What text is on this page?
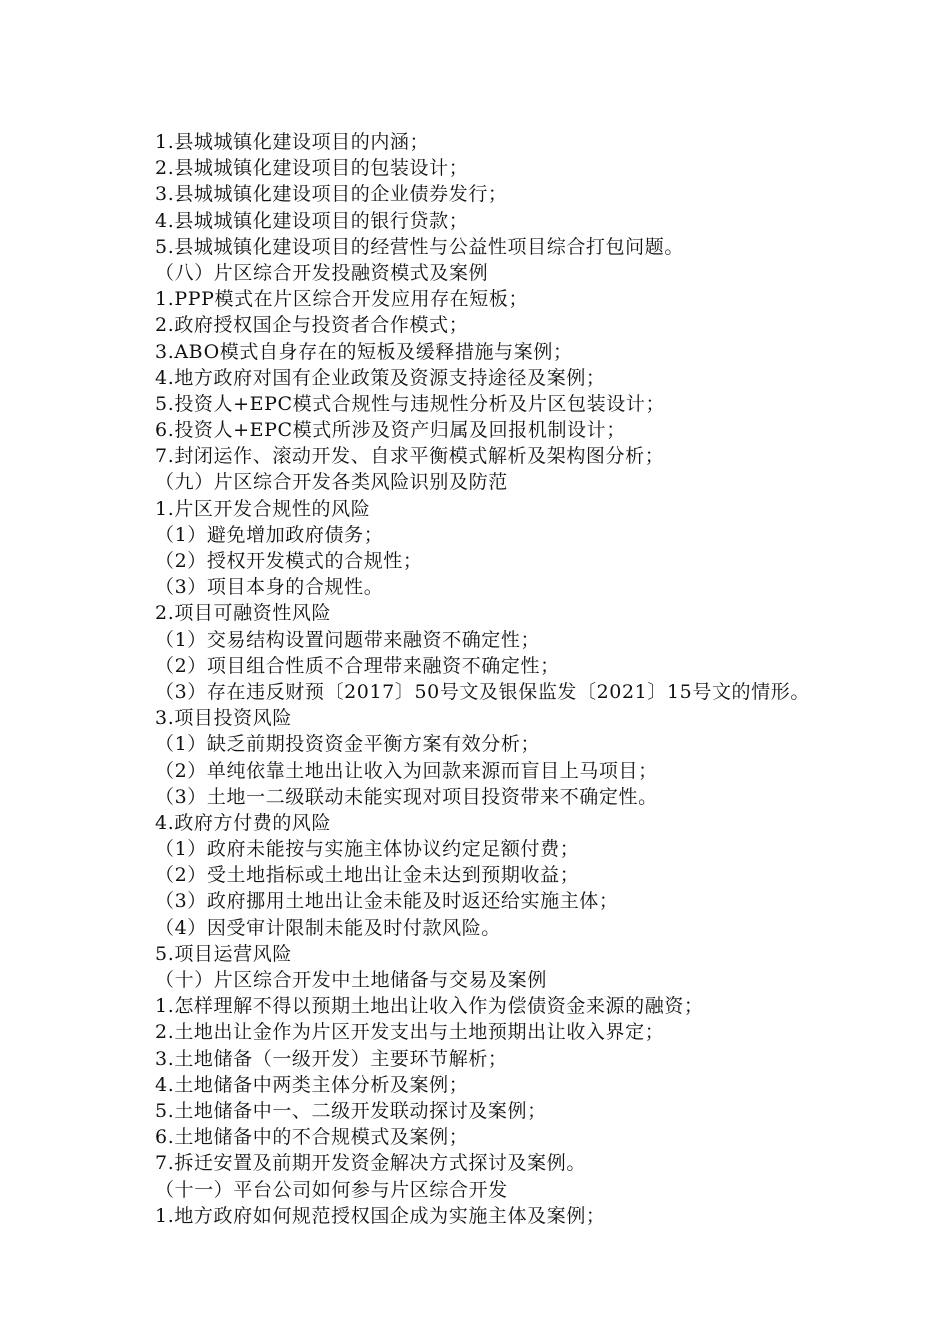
1.县城城镇化建设项目的内涵；
2.县城城镇化建设项目的包装设计；
3.县城城镇化建设项目的企业债券发行；
4.县城城镇化建设项目的银行贷款；
5.县城城镇化建设项目的经营性与公益性项目综合打包问题。
（八）片区综合开发投融资模式及案例
1.PPP模式在片区综合开发应用存在短板；
2.政府授权国企与投资者合作模式；
3.ABO模式自身存在的短板及缓释措施与案例；
4.地方政府对国有企业政策及资源支持途径及案例；
5.投资人+EPC模式合规性与违规性分析及片区包装设计；
6.投资人+EPC模式所涉及资产归属及回报机制设计；
7.封闭运作、滚动开发、自求平衡模式解析及架构图分析；
（九）片区综合开发各类风险识别及防范
1.片区开发合规性的风险
（1）避免增加政府债务；
（2）授权开发模式的合规性；
（3）项目本身的合规性。
2.项目可融资性风险
（1）交易结构设置问题带来融资不确定性；
（2）项目组合性质不合理带来融资不确定性；
（3）存在违反财预〔2017〕50号文及银保监发〔2021〕15号文的情形。
3.项目投资风险
（1）缺乏前期投资资金平衡方案有效分析；
（2）单纯依靠土地出让收入为回款来源而盲目上马项目；
（3）土地一二级联动未能实现对项目投资带来不确定性。
4.政府方付费的风险
（1）政府未能按与实施主体协议约定足额付费；
（2）受土地指标或土地出让金未达到预期收益；
（3）政府挪用土地出让金未能及时返还给实施主体；
（4）因受审计限制未能及时付款风险。
5.项目运营风险
（十）片区综合开发中土地储备与交易及案例
1.怎样理解不得以预期土地出让收入作为偿债资金来源的融资；
2.土地出让金作为片区开发支出与土地预期出让收入界定；
3.土地储备（一级开发）主要环节解析；
4.土地储备中两类主体分析及案例；
5.土地储备中一、二级开发联动探讨及案例；
6.土地储备中的不合规模式及案例；
7.拆迁安置及前期开发资金解决方式探讨及案例。
（十一）平台公司如何参与片区综合开发
1.地方政府如何规范授权国企成为实施主体及案例；
